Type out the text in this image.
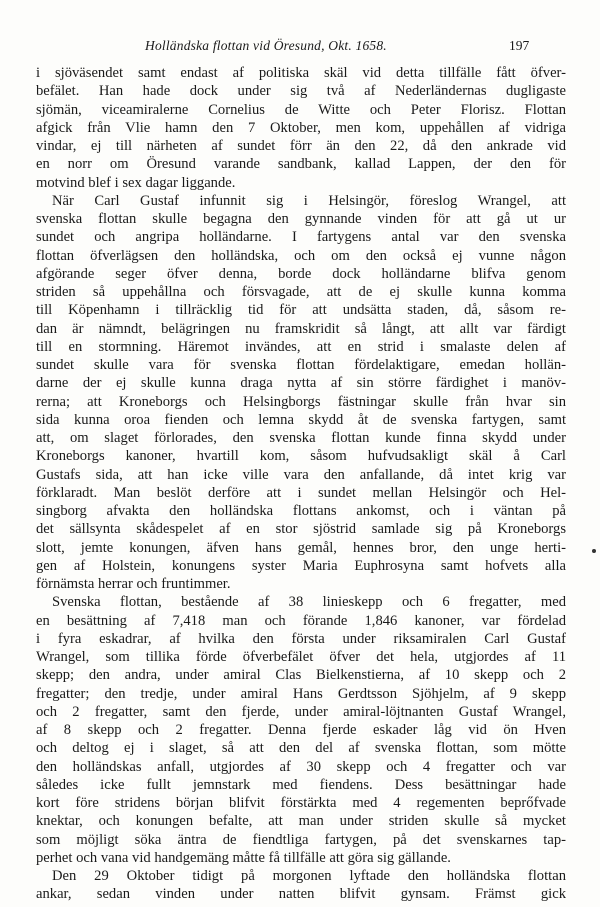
Holländska flottan vid Öresund, Okt. 1658.	197
i sjöväsendet samt endast af politiska skäl vid detta tillfälle fått öfver-
befälet. Han hade dock under sig två af Nederländernas dugligaste
sjömän, viceamiralerne Cornelius de Witte och Peter Florisz. Flottan
afgick från Vlie hamn den 7 Oktober, men kom, uppehållen af vidriga
vindar, ej till närheten af sundet förr än den 22, då den ankrade vid
en norr om Öresund varande sandbank, kallad Lappen, der den för
motvind blef i sex dagar liggande.
När Carl Gustaf infunnit sig i Helsingör, föreslog Wrangel, att
svenska flottan skulle begagna den gynnande vinden för att gå ut ur
sundet och angripa holländarne. I fartygens antal var den svenska
flottan öfverlägsen den holländska, och om den också ej vunne någon
afgörande seger öfver denna, borde dock holländarne blifva genom
striden så uppehållna och försvagade, att de ej skulle kunna komma
till Köpenhamn i tillräcklig tid för att undsätta staden, då, såsom re-
dan är nämndt, belägringen nu framskridit så långt, att allt var färdigt
till en stormning. Häremot invändes, att en strid i smalaste delen af
sundet skulle vara för svenska flottan fördelaktigare, emedan hollän-
darne der ej skulle kunna draga nytta af sin större färdighet i manöv-
rerna; att Kroneborgs och Helsingborgs fästningar skulle från hvar sin
sida kunna oroa fienden och lemna skydd åt de svenska fartygen, samt
att, om slaget förlorades, den svenska flottan kunde finna skydd under
Kroneborgs kanoner, hvartill kom, såsom hufvudsakligt skäl å Carl
Gustafs sida, att han icke ville vara den anfallande, då intet krig var
förklaradt. Man beslöt derföre att i sundet mellan Helsingör och Hel-
singborg afvakta den holländska flottans ankomst, och i väntan på
det sällsynta skådespelet af en stor sjöstrid samlade sig på Kroneborgs
slott, jemte konungen, äfven hans gemål, hennes bror, den unge herti-
gen af Holstein, konungens syster Maria Euphrosyna samt hofvets alla
förnämsta herrar och fruntimmer.
Svenska flottan, bestående af 38 linieskepp och 6 fregatter, med
en besättning af 7,418 man och förande 1,846 kanoner, var fördelad
i fyra eskadrar, af hvilka den första under riksamiralen Carl Gustaf
Wrangel, som tillika förde öfverbefälet öfver det hela, utgjordes af 11
skepp; den andra, under amiral Clas Bielkenstierna, af 10 skepp och 2
fregatter; den tredje, under amiral Hans Gerdtsson Sjöhjelm, af 9 skepp
och 2 fregatter, samt den fjerde, under amiral-löjtnanten Gustaf Wrangel,
af 8 skepp och 2 fregatter. Denna fjerde eskader låg vid ön Hven
och deltog ej i slaget, så att den del af svenska flottan, som mötte
den holländskas anfall, utgjordes af 30 skepp och 4 fregatter och var
således icke fullt jemnstark med fiendens. Dess besättningar hade
kort före stridens början blifvit förstärkta med 4 regementen beprőfvade
knektar, och konungen befalte, att man under striden skulle så mycket
som möjligt söka äntra de fiendtliga fartygen, på det svenskarnes tap-
perhet och vana vid handgemäng måtte få tillfälle att göra sig gällande.
Den 29 Oktober tidigt på morgonen lyftade den holländska flottan
ankar, sedan vinden under natten blifvit gynsam. Främst gick
